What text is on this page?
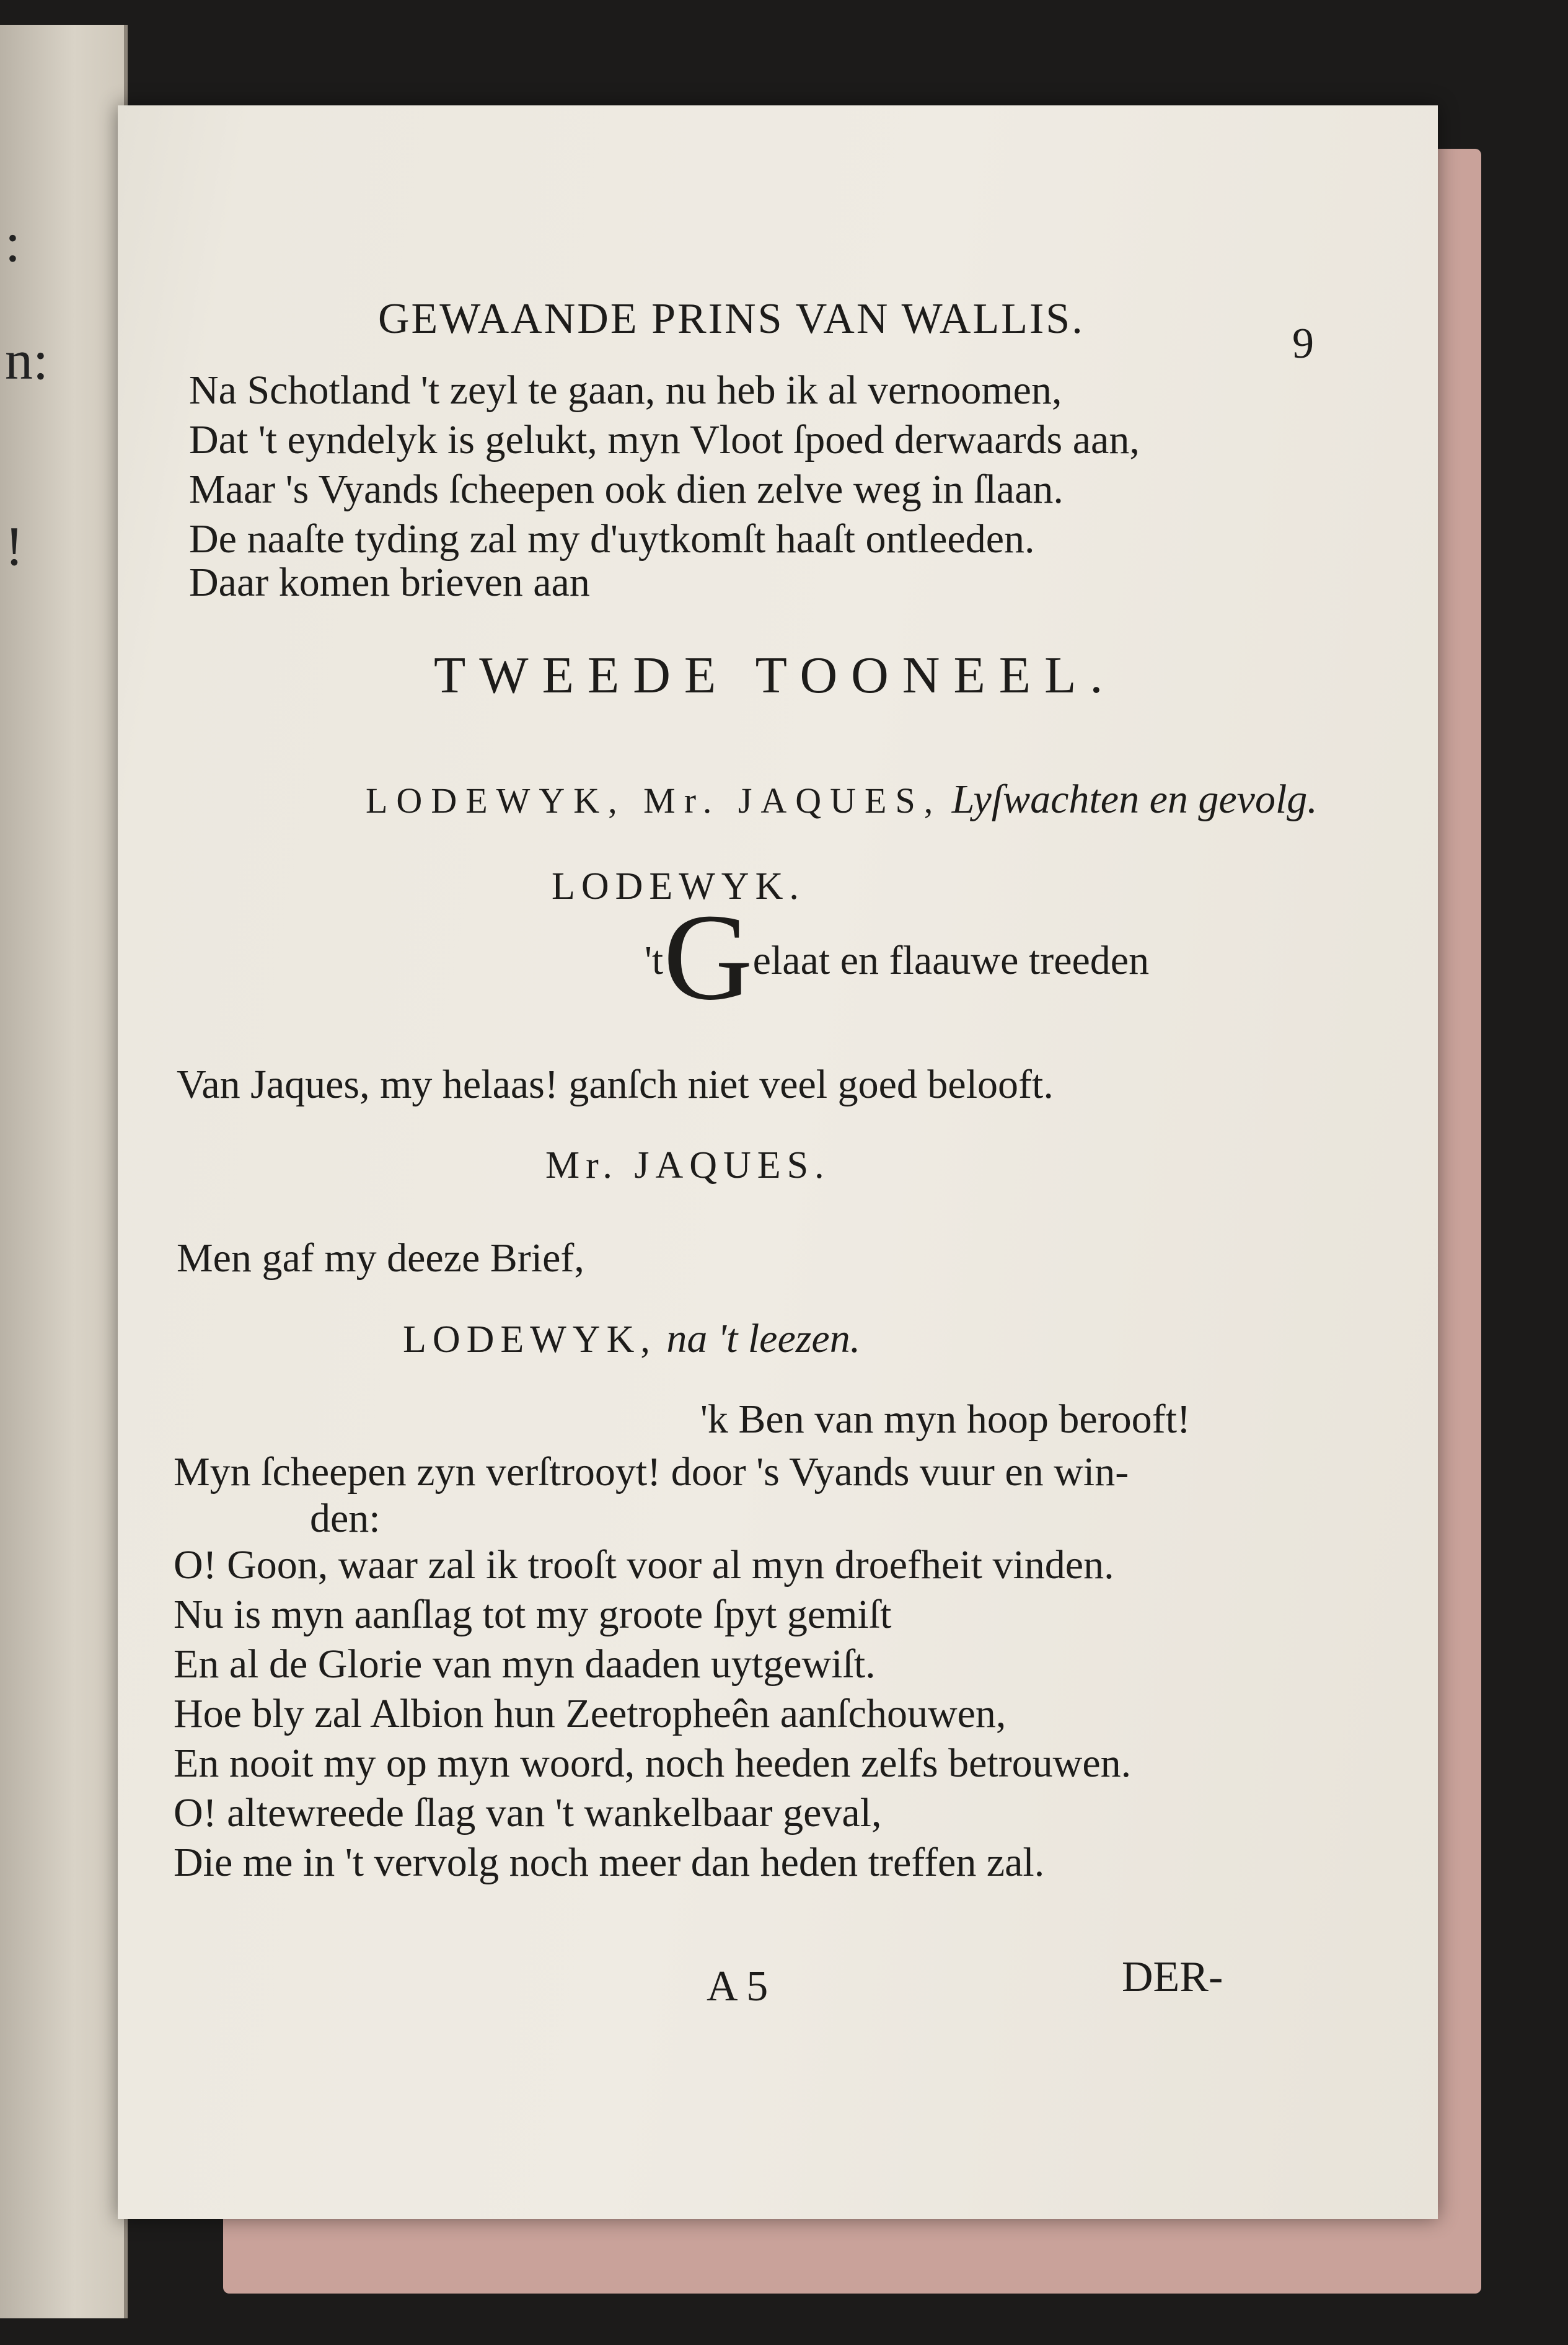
:
n:
!
GEWAANDE PRINS VAN WALLIS.
9
Na Schotland 't zeyl te gaan, nu heb ik al vernoomen,
Dat 't eyndelyk is gelukt, myn Vloot ſpoed derwaards aan,
Maar 's Vyands ſcheepen ook dien zelve weg in ſlaan.
De naaſte tyding zal my d'uytkomſt haaſt ontleeden.
Daar komen brieven aan
TWEEDE TOONEEL.
LODEWYK, Mr. JAQUES, Lyſwachten en gevolg.
LODEWYK.
'tGelaat en flaauwe treeden
Van Jaques, my helaas! ganſch niet veel goed belooft.
Mr. JAQUES.
Men gaf my deeze Brief,
LODEWYK, na 't leezen.
'k Ben van myn hoop berooft!
Myn ſcheepen zyn verſtrooyt! door 's Vyands vuur en win-
den:
O! Goon, waar zal ik trooſt voor al myn droefheit vinden.
Nu is myn aanſlag tot my groote ſpyt gemiſt
En al de Glorie van myn daaden uytgewiſt.
Hoe bly zal Albion hun Zeetropheên aanſchouwen,
En nooit my op myn woord, noch heeden zelfs betrouwen.
O! altewreede ſlag van 't wankelbaar geval,
Die me in 't vervolg noch meer dan heden treffen zal.
A 5	DER-
